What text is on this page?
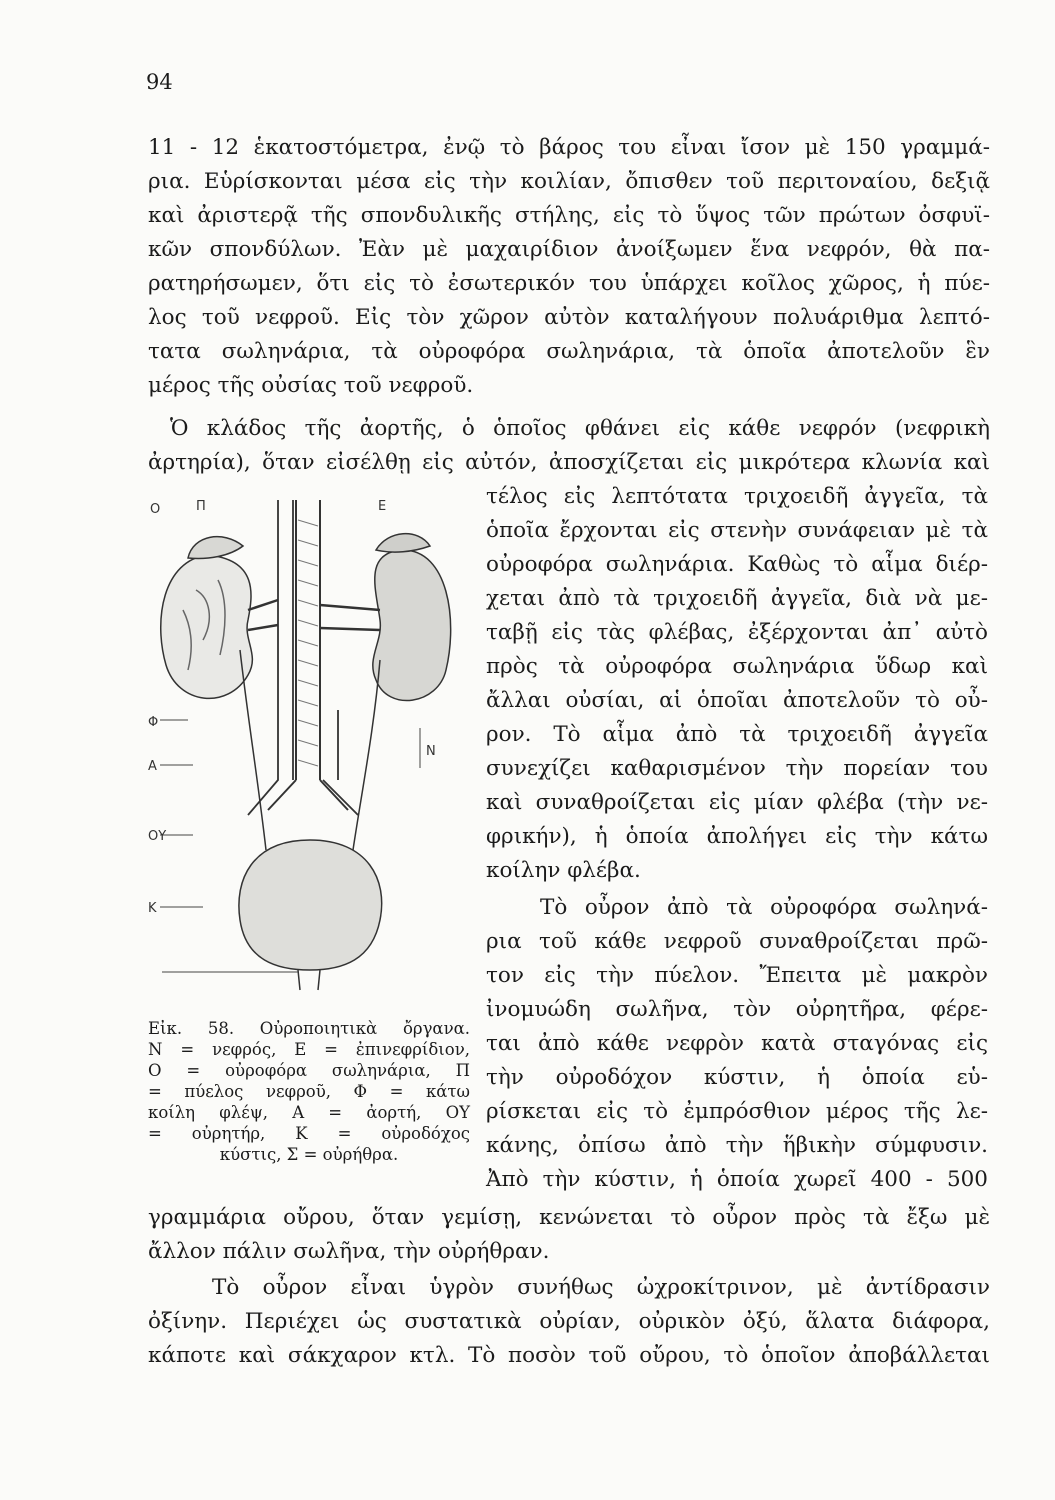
94
11 - 12 ἑκατοστόμετρα, ἐνῷ τὸ βάρος του εἶναι ἴσον μὲ 150 γραμμά-
ρια. Εὑρίσκονται μέσα εἰς τὴν κοιλίαν, ὄπισθεν τοῦ περιτοναίου, δεξιᾷ
καὶ ἀριστερᾷ τῆς σπονδυλικῆς στήλης, εἰς τὸ ὕψος τῶν πρώτων ὀσφυϊ-
κῶν σπονδύλων. Ἐὰν μὲ μαχαιρίδιον ἀνοίξωμεν ἕνα νεφρόν, θὰ πα-
ρατηρήσωμεν, ὅτι εἰς τὸ ἐσωτερικόν του ὑπάρχει κοῖλος χῶρος, ἡ πύε-
λος τοῦ νεφροῦ. Εἰς τὸν χῶρον αὐτὸν καταλήγουν πολυάριθμα λεπτό-
τατα σωληνάρια, τὰ οὐροφόρα σωληνάρια, τὰ ὁποῖα ἀποτελοῦν ἓν
μέρος τῆς οὐσίας τοῦ νεφροῦ.
Ὁ κλάδος τῆς ἀορτῆς, ὁ ὁποῖος φθάνει εἰς κάθε νεφρόν (νεφρικὴ
ἀρτηρία), ὅταν εἰσέλθῃ εἰς αὐτόν, ἀποσχίζεται εἰς μικρότερα κλωνία καὶ
τέλος εἰς λεπτότατα τριχοειδῆ ἀγγεῖα, τὰ
ὁποῖα ἔρχονται εἰς στενὴν συνάφειαν μὲ τὰ
οὐροφόρα σωληνάρια. Καθὼς τὸ αἷμα διέρ-
χεται ἀπὸ τὰ τριχοειδῆ ἀγγεῖα, διὰ νὰ με-
ταβῇ εἰς τὰς φλέβας, ἐξέρχονται ἀπ᾽ αὐτὸ
πρὸς τὰ οὐροφόρα σωληνάρια ὕδωρ καὶ
ἄλλαι οὐσίαι, αἱ ὁποῖαι ἀποτελοῦν τὸ οὖ-
ρον. Τὸ αἷμα ἀπὸ τὰ τριχοειδῆ ἀγγεῖα
συνεχίζει καθαρισμένον τὴν πορείαν του
καὶ συναθροίζεται εἰς μίαν φλέβα (τὴν νε-
φρικήν), ἡ ὁποία ἀπολήγει εἰς τὴν κάτω
κοίλην φλέβα.
Τὸ οὖρον ἀπὸ τὰ οὐροφόρα σωληνά-
ρια τοῦ κάθε νεφροῦ συναθροίζεται πρῶ-
τον εἰς τὴν πύελον. Ἔπειτα μὲ μακρὸν
ἰνομυώδη σωλῆνα, τὸν οὐρητῆρα, φέρε-
ται ἀπὸ κάθε νεφρὸν κατὰ σταγόνας εἰς
τὴν οὐροδόχον κύστιν, ἡ ὁποία εὑ-
ρίσκεται εἰς τὸ ἐμπρόσθιον μέρος τῆς λε-
κάνης, ὀπίσω ἀπὸ τὴν ἥβικὴν σύμφυσιν.
Ἀπὸ τὴν κύστιν, ἡ ὁποία χωρεῖ 400 - 500
γραμμάρια οὔρου, ὅταν γεμίσῃ, κενώνεται τὸ οὖρον πρὸς τὰ ἔξω μὲ
ἄλλον πάλιν σωλῆνα, τὴν οὐρήθραν.
Τὸ οὖρον εἶναι ὑγρὸν συνήθως ὠχροκίτρινον, μὲ ἀντίδρασιν
ὀξίνην. Περιέχει ὡς συστατικὰ οὐρίαν, οὐρικὸν ὀξύ, ἅλατα διάφορα,
κάποτε καὶ σάκχαρον κτλ. Τὸ ποσὸν τοῦ οὔρου, τὸ ὁποῖον ἀποβάλλεται
Ο	Π	Ε
Φ
Α
ΟΥ
Κ
Ν
Εἰκ. 58. Οὐροποιητικὰ ὄργανα.
Ν = νεφρός, Ε = ἐπινεφρίδιον,
Ο = οὐροφόρα σωληνάρια, Π
= πύελος νεφροῦ, Φ = κάτω
κοίλη φλέψ, Α = ἀορτή, ΟΥ
= οὐρητήρ, Κ = οὐροδόχος
κύστις, Σ = οὐρήθρα.
